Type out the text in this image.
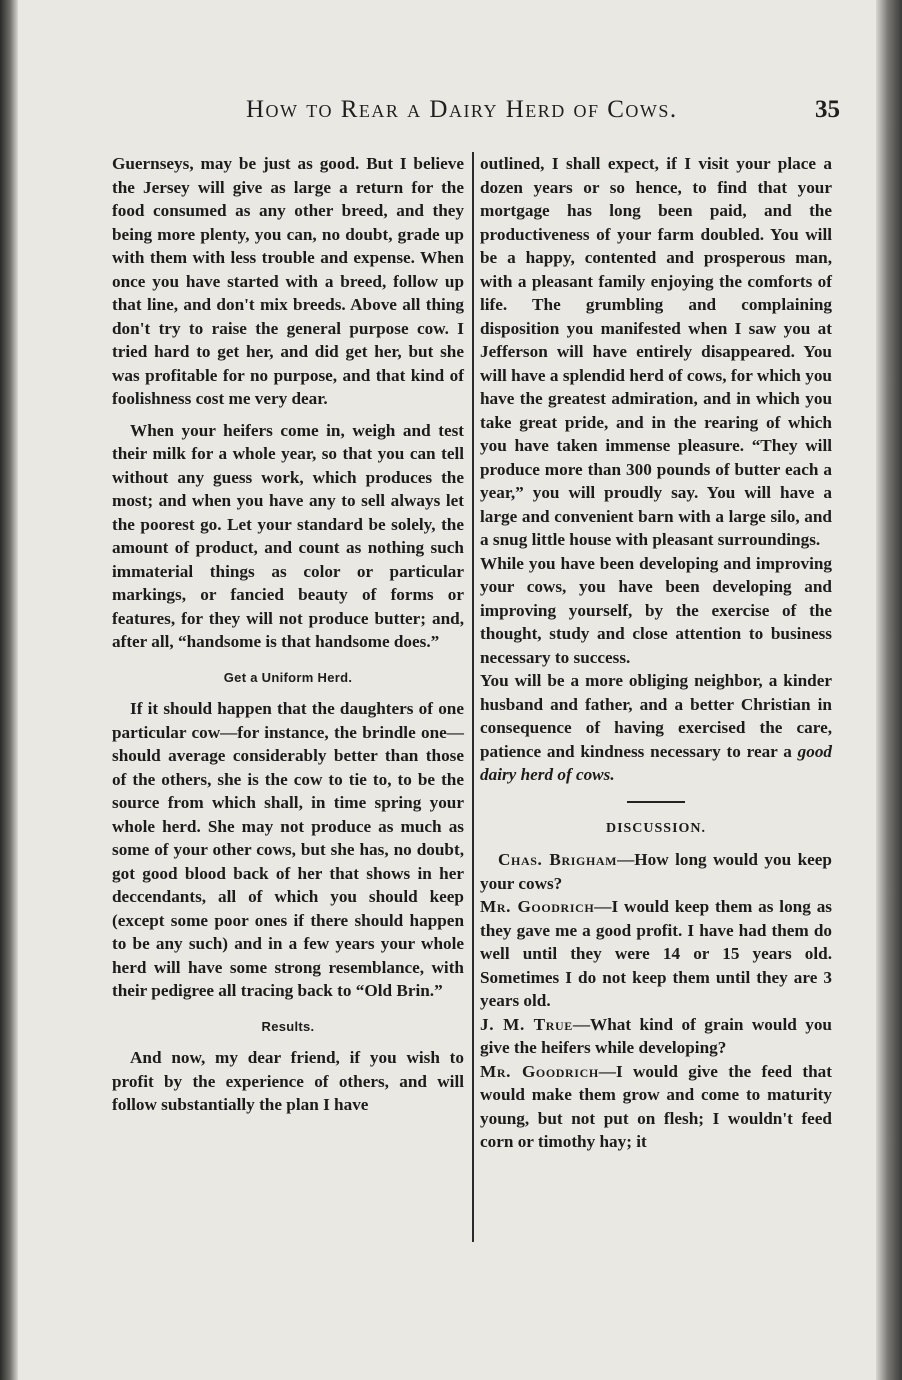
How to Rear a Dairy Herd of Cows.	35

Guernseys, may be just as good. But I believe the Jersey will give as large a return for the food consumed as any other breed, and they being more plenty, you can, no doubt, grade up with them with less trouble and expense. When once you have started with a breed, follow up that line, and don't mix breeds. Above all thing don't try to raise the general purpose cow. I tried hard to get her, and did get her, but she was profitable for no purpose, and that kind of foolishness cost me very dear.

When your heifers come in, weigh and test their milk for a whole year, so that you can tell without any guess work, which produces the most; and when you have any to sell always let the poorest go. Let your standard be solely, the amount of product, and count as nothing such immaterial things as color or particular markings, or fancied beauty of forms or features, for they will not produce butter; and, after all, “handsome is that handsome does.”

Get a Uniform Herd.

If it should happen that the daughters of one particular cow—for instance, the brindle one—should average considerably better than those of the others, she is the cow to tie to, to be the source from which shall, in time spring your whole herd. She may not produce as much as some of your other cows, but she has, no doubt, got good blood back of her that shows in her deccendants, all of which you should keep (except some poor ones if there should happen to be any such) and in a few years your whole herd will have some strong resemblance, with their pedigree all tracing back to “Old Brin.”

Results.

And now, my dear friend, if you wish to profit by the experience of others, and will follow substantially the plan I have

outlined, I shall expect, if I visit your place a dozen years or so hence, to find that your mortgage has long been paid, and the productiveness of your farm doubled. You will be a happy, contented and prosperous man, with a pleasant family enjoying the comforts of life. The grumbling and complaining disposition you manifested when I saw you at Jefferson will have entirely disappeared. You will have a splendid herd of cows, for which you have the greatest admiration, and in which you take great pride, and in the rearing of which you have taken immense pleasure. “They will produce more than 300 pounds of butter each a year,” you will proudly say. You will have a large and convenient barn with a large silo, and a snug little house with pleasant surroundings.

While you have been developing and improving your cows, you have been developing and improving yourself, by the exercise of the thought, study and close attention to business necessary to success.

You will be a more obliging neighbor, a kinder husband and father, and a better Christian in consequence of having exercised the care, patience and kindness necessary to rear a good dairy herd of cows.

DISCUSSION.

Chas. Brigham—How long would you keep your cows?

Mr. Goodrich—I would keep them as long as they gave me a good profit. I have had them do well until they were 14 or 15 years old. Sometimes I do not keep them until they are 3 years old.

J. M. True—What kind of grain would you give the heifers while developing?

Mr. Goodrich—I would give the feed that would make them grow and come to maturity young, but not put on flesh; I wouldn't feed corn or timothy hay; it
